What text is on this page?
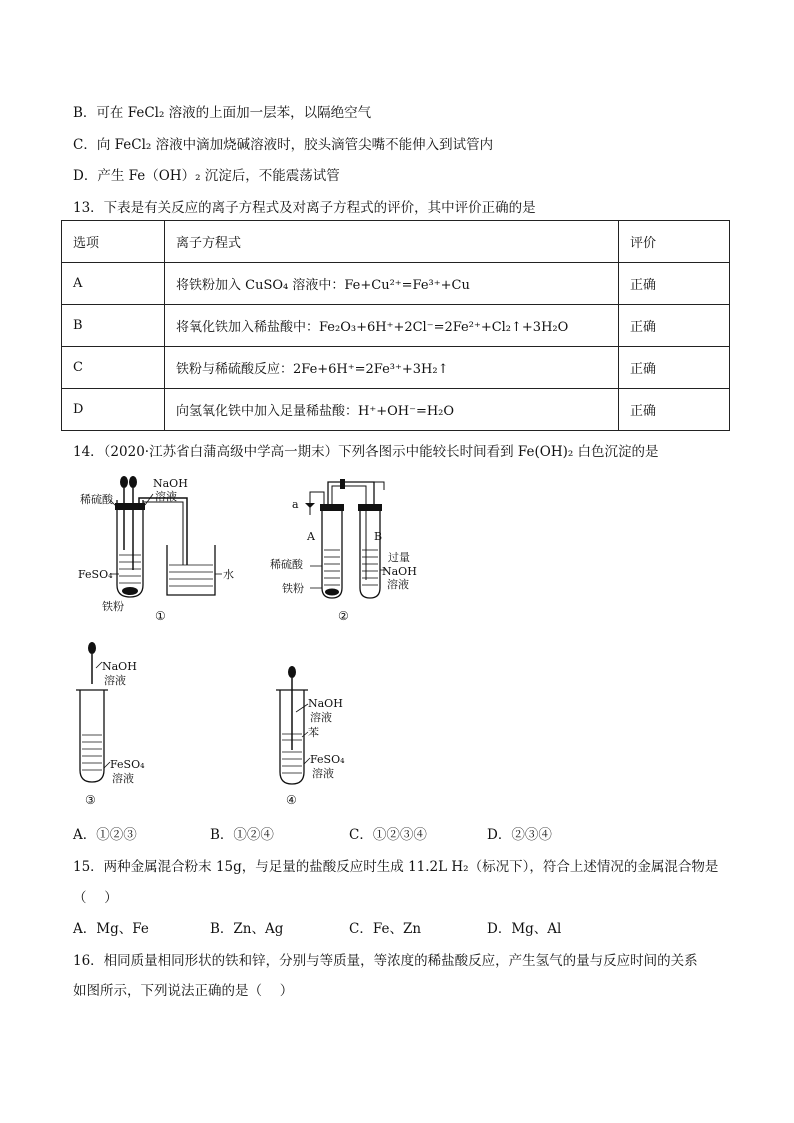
B．可在 FeCl₂ 溶液的上面加一层苯，以隔绝空气
C．向 FeCl₂ 溶液中滴加烧碱溶液时，胶头滴管尖嘴不能伸入到试管内
D．产生 Fe（OH）₂ 沉淀后，不能震荡试管
13．下表是有关反应的离子方程式及对离子方程式的评价，其中评价正确的是
选项	离子方程式	评价
A	将铁粉加入 CuSO₄ 溶液中：Fe+Cu²⁺=Fe³⁺+Cu	正确
B	将氧化铁加入稀盐酸中：Fe₂O₃+6H⁺+2Cl⁻=2Fe²⁺+Cl₂↑+3H₂O	正确
C	铁粉与稀硫酸反应：2Fe+6H⁺=2Fe³⁺+3H₂↑	正确
D	向氢氧化铁中加入足量稀盐酸：H⁺+OH⁻=H₂O	正确
14．（2020·江苏省白蒲高级中学高一期末）下列各图示中能较长时间看到 Fe(OH)₂ 白色沉淀的是
稀硫酸
NaOH
溶液
FeSO₄	水
铁粉
①
a
A	B
稀硫酸
铁粉
过量
NaOH
溶液
②
NaOH
溶液
FeSO₄
溶液
③
NaOH
溶液
苯
FeSO₄
溶液
④
A．①②③	B．①②④	C．①②③④	D．②③④
15．两种金属混合粉末 15g，与足量的盐酸反应时生成 11.2L H₂（标况下），符合上述情况的金属混合物是
（　 ）
A．Mg、Fe	B．Zn、Ag	C．Fe、Zn	D．Mg、Al
16．相同质量相同形状的铁和锌，分别与等质量，等浓度的稀盐酸反应，产生氢气的量与反应时间的关系
如图所示，下列说法正确的是（　 ）
